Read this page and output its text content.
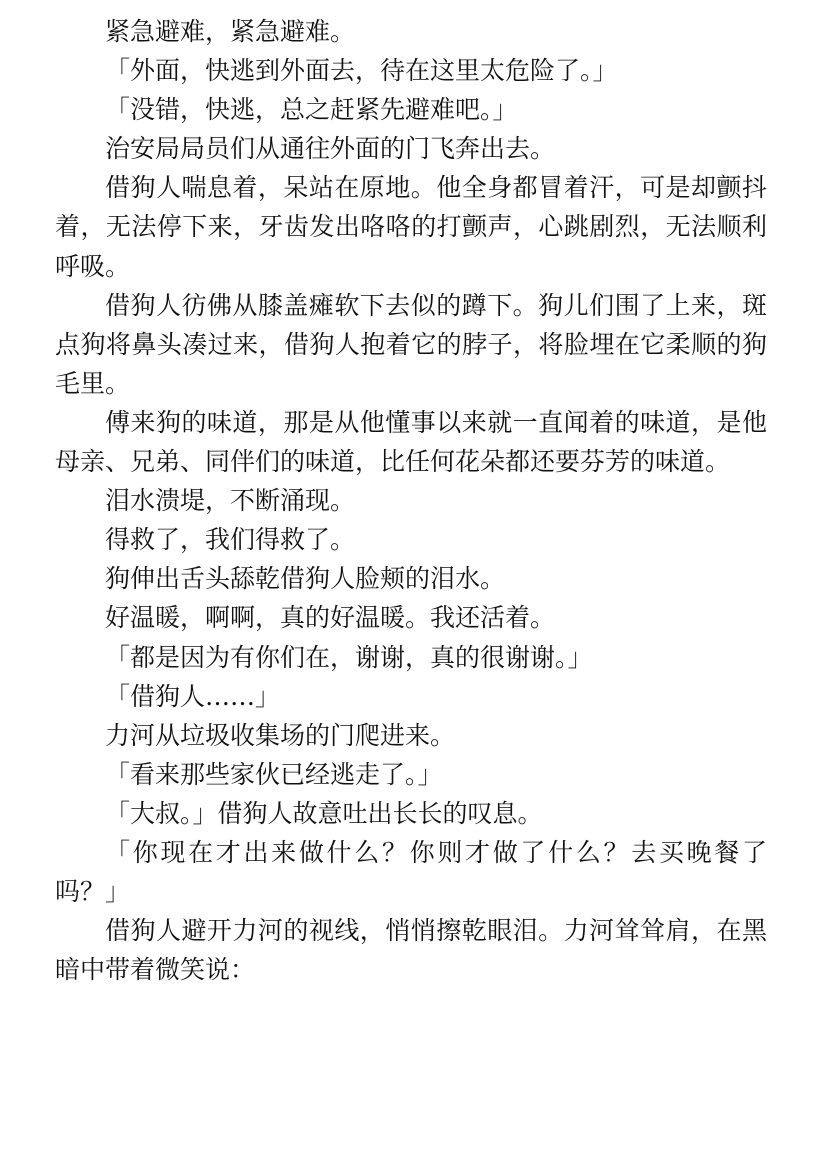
紧急避难，紧急避难。

「外面，快逃到外面去，待在这里太危险了。」

「没错，快逃，总之赶紧先避难吧。」

治安局局员们从通往外面的门飞奔出去。

借狗人喘息着，呆站在原地。他全身都冒着汗，可是却颤抖着，无法停下来，牙齿发出咯咯的打颤声，心跳剧烈，无法顺利呼吸。

借狗人彷佛从膝盖瘫软下去似的蹲下。狗儿们围了上来，斑点狗将鼻头凑过来，借狗人抱着它的脖子，将脸埋在它柔顺的狗毛里。

傅来狗的味道，那是从他懂事以来就一直闻着的味道，是他母亲、兄弟、同伴们的味道，比任何花朵都还要芬芳的味道。

泪水溃堤，不断涌现。

得救了，我们得救了。

狗伸出舌头舔乾借狗人脸颊的泪水。

好温暖，啊啊，真的好温暖。我还活着。

「都是因为有你们在，谢谢，真的很谢谢。」

「借狗人……」

力河从垃圾收集场的门爬进来。

「看来那些家伙已经逃走了。」

「大叔。」借狗人故意吐出长长的叹息。

「你现在才出来做什么？你则才做了什么？去买晚餐了吗？」

借狗人避开力河的视线，悄悄擦乾眼泪。力河耸耸肩，在黑暗中带着微笑说：
